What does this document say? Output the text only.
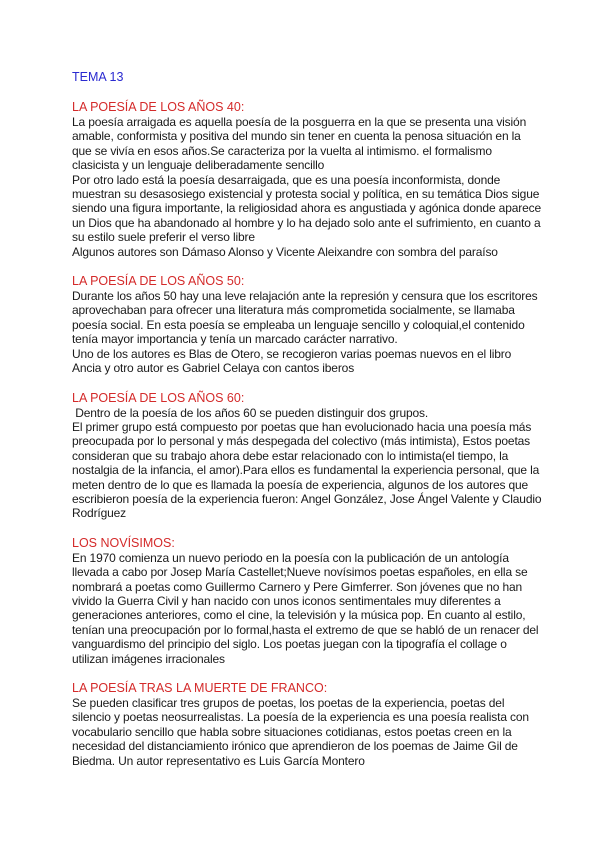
TEMA 13
LA POESÍA DE LOS AÑOS 40:

La poesía arraigada es aquella poesía de la posguerra en la que se presenta una visión amable, conformista y positiva del mundo sin tener en cuenta la penosa situación en la que se vivía en esos años.Se caracteriza por la vuelta al intimismo. el formalismo clasicista y un lenguaje deliberadamente sencillo

Por otro lado está la poesía desarraigada, que es una poesía inconformista, donde muestran su desasosiego existencial y protesta social y política, en su temática Dios sigue siendo una figura importante, la religiosidad ahora es angustiada y agónica donde aparece un Dios que ha abandonado al hombre y lo ha dejado solo ante el sufrimiento, en cuanto a su estilo suele preferir el verso libre

Algunos autores son Dámaso Alonso y Vicente Aleixandre con sombra del paraíso

LA POESÍA DE LOS AÑOS 50:

Durante los años 50 hay una leve relajación ante la represión y censura que los escritores aprovechaban para ofrecer una literatura más comprometida socialmente, se llamaba poesía social. En esta poesía se empleaba un lenguaje sencillo y coloquial,el contenido tenía mayor importancia y tenía un marcado carácter narrativo.

Uno de los autores es Blas de Otero, se recogieron varias poemas nuevos en el libro Ancia y otro autor es Gabriel Celaya con cantos iberos

LA POESÍA DE LOS AÑOS 60:

Dentro de la poesía de los años 60 se pueden distinguir dos grupos.

El primer grupo está compuesto por poetas que han evolucionado hacia una poesía más preocupada por lo personal y más despegada del colectivo (más intimista), Estos poetas consideran que su trabajo ahora debe estar relacionado con lo intimista(el tiempo, la nostalgia de la infancia, el amor).Para ellos es fundamental la experiencia personal, que la meten dentro de lo que es llamada la poesía de experiencia, algunos de los autores que escribieron poesía de la experiencia fueron: Angel González, Jose Ángel Valente y Claudio Rodríguez

LOS NOVÍSIMOS:

En 1970 comienza un nuevo periodo en la poesía con la publicación de un antología llevada a cabo por Josep María Castellet;Nueve novísimos poetas españoles, en ella se nombrará a poetas como Guillermo Carnero y Pere Gimferrer. Son jóvenes que no han vivido la Guerra Civil y han nacido con unos iconos sentimentales muy diferentes a generaciones anteriores, como el cine, la televisión y la música pop. En cuanto al estilo, tenían una preocupación por lo formal,hasta el extremo de que se habló de un renacer del vanguardismo del principio del siglo. Los poetas juegan con la tipografía el collage o utilizan imágenes irracionales

LA POESÍA TRAS LA MUERTE DE FRANCO:

Se pueden clasificar tres grupos de poetas, los poetas de la experiencia, poetas del silencio y poetas neosurrealistas. La poesía de la experiencia es una poesía realista con vocabulario sencillo que habla sobre situaciones cotidianas, estos poetas creen en la necesidad del distanciamiento irónico que aprendieron de los poemas de Jaime Gil de Biedma. Un autor representativo es Luis García Montero
